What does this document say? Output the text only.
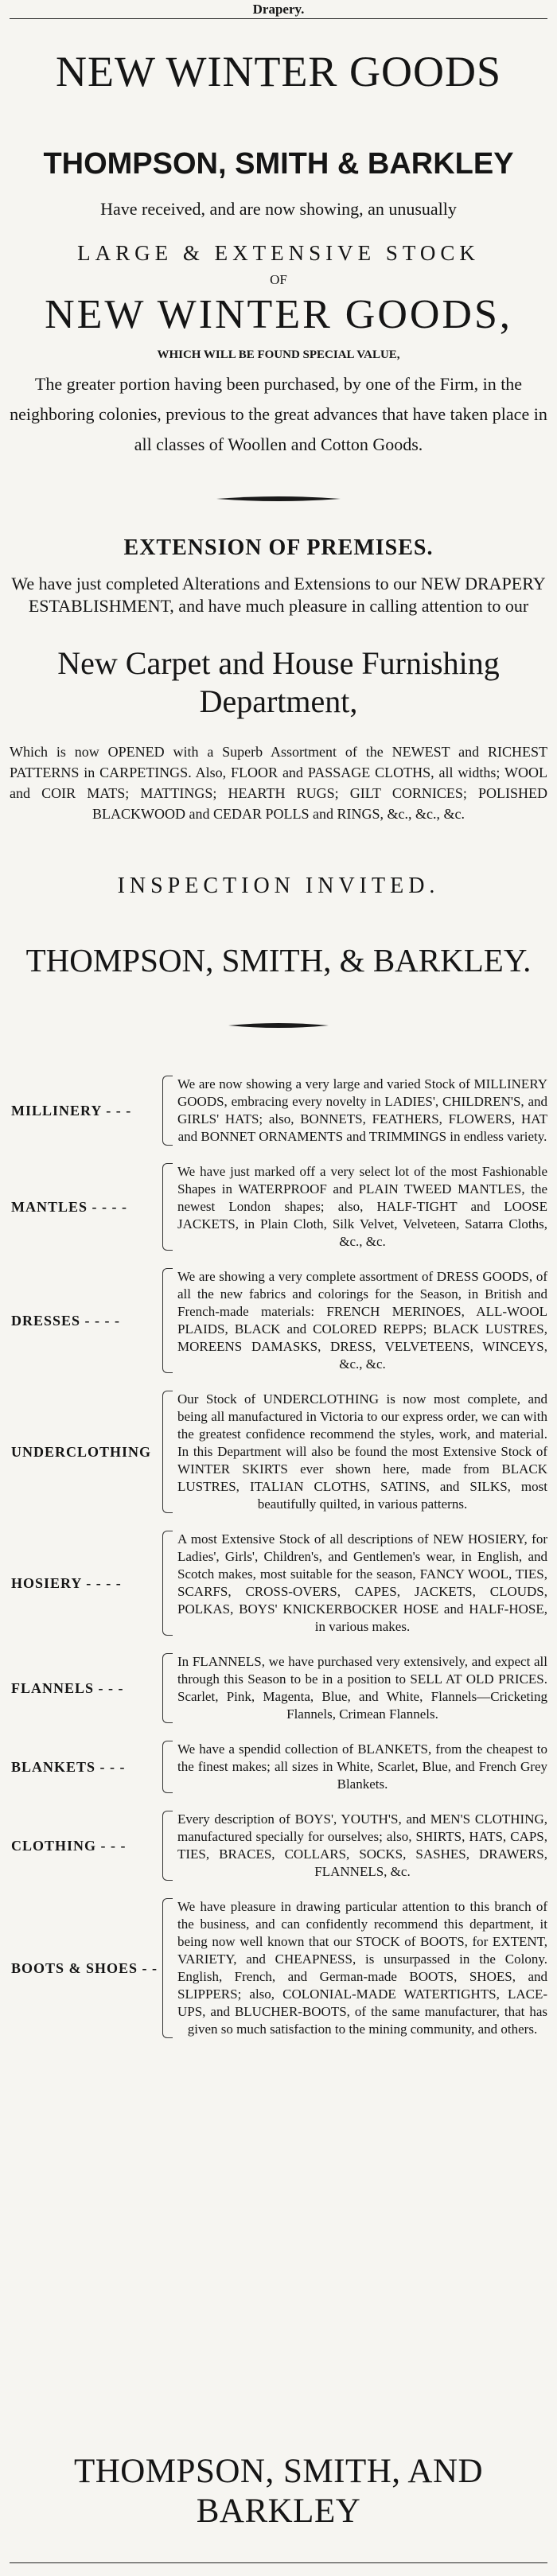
Drapery.
NEW WINTER GOODS
THOMPSON, SMITH & BARKLEY
Have received, and are now showing, an unusually
LARGE & EXTENSIVE STOCK
OF
NEW WINTER GOODS,
WHICH WILL BE FOUND SPECIAL VALUE,
The greater portion having been purchased, by one of the Firm, in the neighboring colonies, previous to the great advances that have taken place in all classes of Woollen and Cotton Goods.
EXTENSION OF PREMISES.
We have just completed Alterations and Extensions to our NEW DRAPERY ESTABLISHMENT, and have much pleasure in calling attention to our
New Carpet and House Furnishing Department,
Which is now OPENED with a Superb Assortment of the NEWEST and RICHEST PATTERNS in CARPETINGS. Also, FLOOR and PASSAGE CLOTHS, all widths; WOOL and COIR MATS; MATTINGS; HEARTH RUGS; GILT CORNICES; POLISHED BLACKWOOD and CEDAR POLLS and RINGS, &c., &c., &c.
INSPECTION INVITED.
THOMPSON, SMITH, & BARKLEY.
MILLINERY - - -
We are now showing a very large and varied Stock of MILLINERY GOODS, embracing every novelty in LADIES', CHILDREN'S, and GIRLS' HATS; also, BONNETS, FEATHERS, FLOWERS, HAT and BONNET ORNAMENTS and TRIMMINGS in endless variety.
MANTLES - - - -
We have just marked off a very select lot of the most Fashionable Shapes in WATERPROOF and PLAIN TWEED MANTLES, the newest London shapes; also, HALF-TIGHT and LOOSE JACKETS, in Plain Cloth, Silk Velvet, Velveteen, Satarra Cloths, &c., &c.
DRESSES - - - -
We are showing a very complete assortment of DRESS GOODS, of all the new fabrics and colorings for the Season, in British and French-made materials: FRENCH MERINOES, ALL-WOOL PLAIDS, BLACK and COLORED REPPS; BLACK LUSTRES, MOREENS DAMASKS, DRESS, VELVETEENS, WINCEYS, &c., &c.
UNDERCLOTHING
Our Stock of UNDERCLOTHING is now most complete, and being all manufactured in Victoria to our express order, we can with the greatest confidence recommend the styles, work, and material. In this Department will also be found the most Extensive Stock of WINTER SKIRTS ever shown here, made from BLACK LUSTRES, ITALIAN CLOTHS, SATINS, and SILKS, most beautifully quilted, in various patterns.
HOSIERY - - - -
A most Extensive Stock of all descriptions of NEW HOSIERY, for Ladies', Girls', Children's, and Gentlemen's wear, in English, and Scotch makes, most suitable for the season, FANCY WOOL, TIES, SCARFS, CROSS-OVERS, CAPES, JACKETS, CLOUDS, POLKAS, BOYS' KNICKERBOCKER HOSE and HALF-HOSE, in various makes.
FLANNELS - - -
In FLANNELS, we have purchased very extensively, and expect all through this Season to be in a position to SELL AT OLD PRICES. Scarlet, Pink, Magenta, Blue, and White, Flannels—Cricketing Flannels, Crimean Flannels.
BLANKETS - - -
We have a spendid collection of BLANKETS, from the cheapest to the finest makes; all sizes in White, Scarlet, Blue, and French Grey Blankets.
CLOTHING - - -
Every description of BOYS', YOUTH'S, and MEN'S CLOTHING, manufactured specially for ourselves; also, SHIRTS, HATS, CAPS, TIES, BRACES, COLLARS, SOCKS, SASHES, DRAWERS, FLANNELS, &c.
BOOTS & SHOES - -
We have pleasure in drawing particular attention to this branch of the business, and can confidently recommend this department, it being now well known that our STOCK of BOOTS, for EXTENT, VARIETY, and CHEAPNESS, is unsurpassed in the Colony. English, French, and German-made BOOTS, SHOES, and SLIPPERS; also, COLONIAL-MADE WATERTIGHTS, LACE-UPS, and BLUCHER-BOOTS, of the same manufacturer, that has given so much satisfaction to the mining community, and others.
THOMPSON, SMITH, AND BARKLEY
